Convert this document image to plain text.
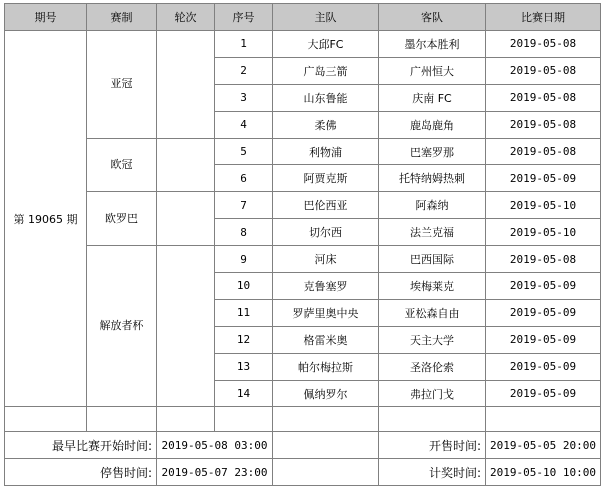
期号	赛制	轮次	序号	主队	客队	比赛日期
第 19065 期	亚冠		1	大邱FC	墨尔本胜利	2019-05-08
			2	广岛三箭	广州恒大	2019-05-08
			3	山东鲁能	庆南 FC	2019-05-08
			4	柔佛	鹿岛鹿角	2019-05-08
	欧冠		5	利物浦	巴塞罗那	2019-05-08
			6	阿贾克斯	托特纳姆热刺	2019-05-09
	欧罗巴		7	巴伦西亚	阿森纳	2019-05-10
			8	切尔西	法兰克福	2019-05-10
	解放者杯		9	河床	巴西国际	2019-05-08
			10	克鲁塞罗	埃梅莱克	2019-05-09
			11	罗萨里奥中央	亚松森自由	2019-05-09
			12	格雷米奥	天主大学	2019-05-09
			13	帕尔梅拉斯	圣洛伦索	2019-05-09
			14	佩纳罗尔	弗拉门戈	2019-05-09

最早比赛开始时间:		2019-05-08 03:00			开售时间:	2019-05-05 20:00
停售时间:		2019-05-07 23:00			计奖时间:	2019-05-10 10:00
